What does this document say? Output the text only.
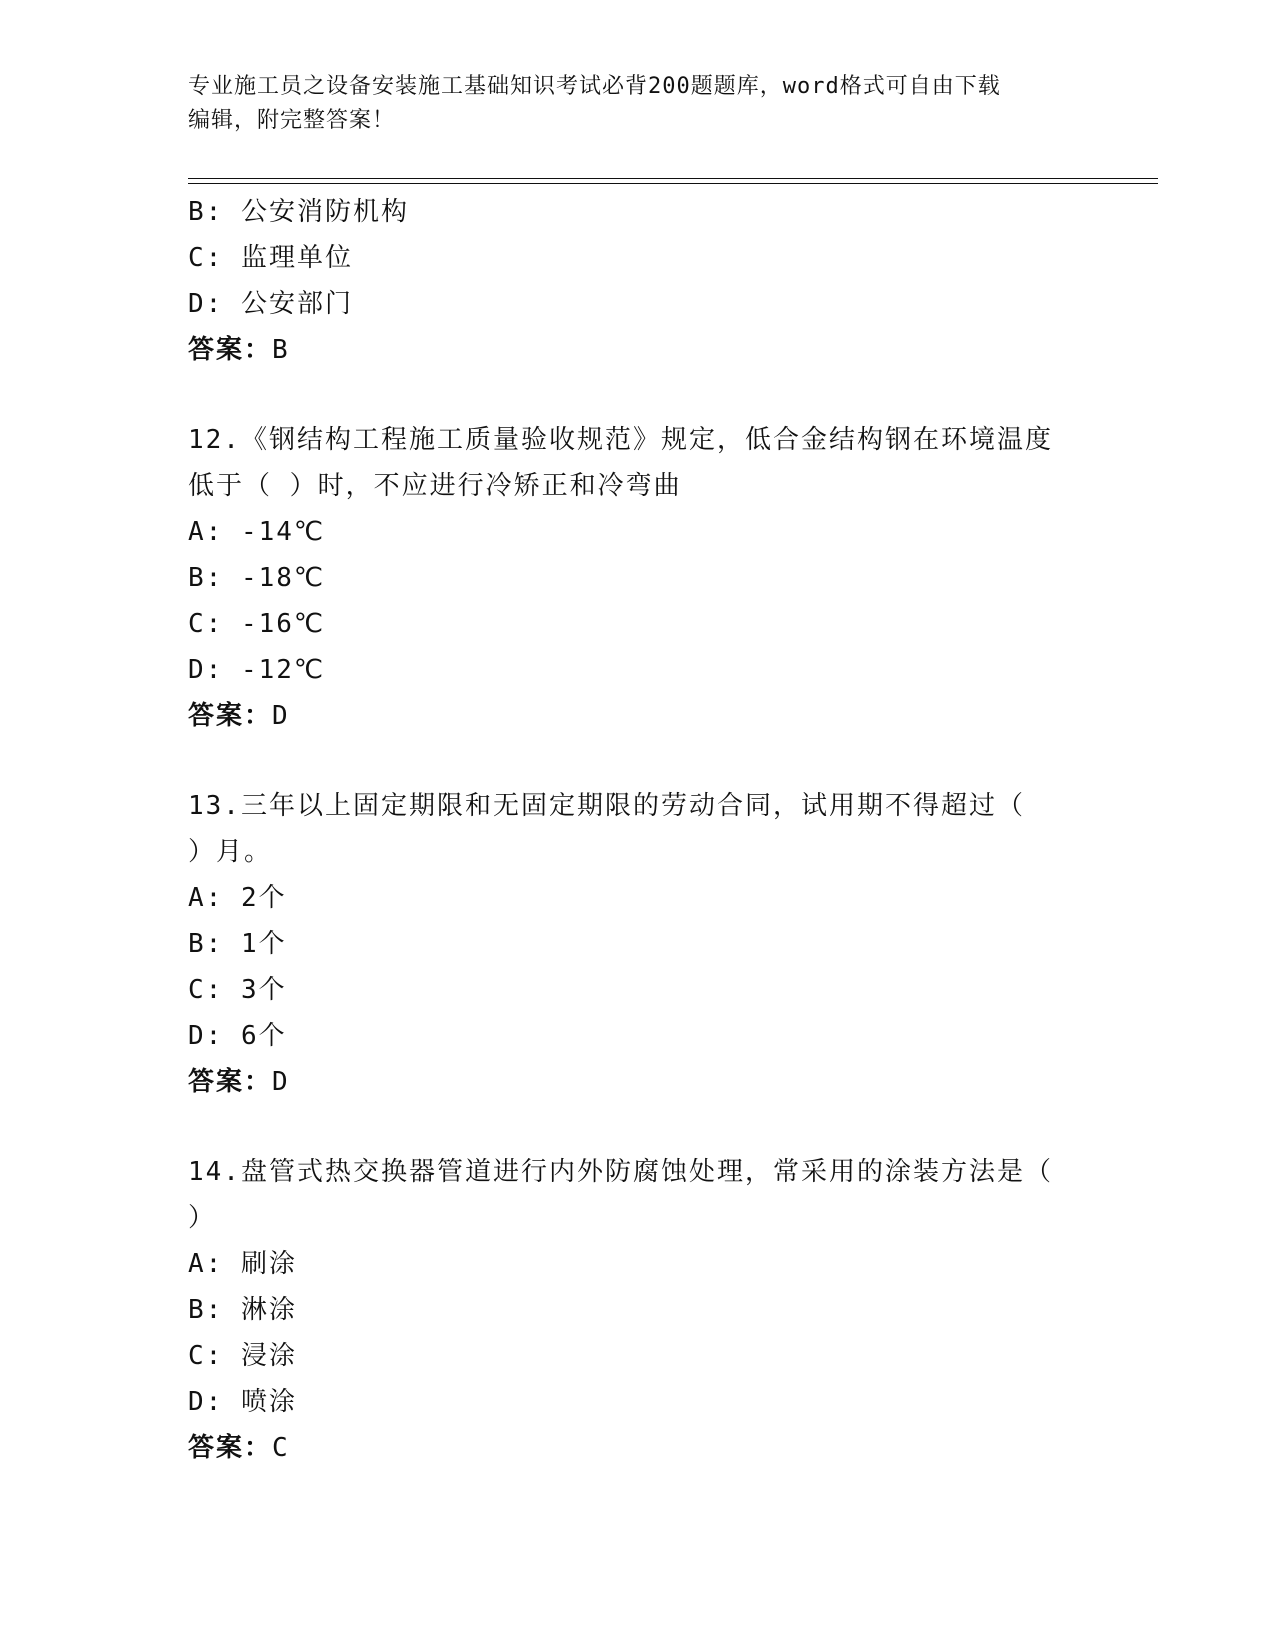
专业施工员之设备安装施工基础知识考试必背200题题库，word格式可自由下载
编辑，附完整答案！
B: 公安消防机构
C: 监理单位
D: 公安部门
答案：B
12.《钢结构工程施工质量验收规范》规定，低合金结构钢在环境温度
低于（ ）时，不应进行冷矫正和冷弯曲
A: -14℃
B: -18℃
C: -16℃
D: -12℃
答案：D
13.三年以上固定期限和无固定期限的劳动合同，试用期不得超过（
）月。
A: 2个
B: 1个
C: 3个
D: 6个
答案：D
14.盘管式热交换器管道进行内外防腐蚀处理，常采用的涂装方法是（
）
A: 刷涂
B: 淋涂
C: 浸涂
D: 喷涂
答案：C
